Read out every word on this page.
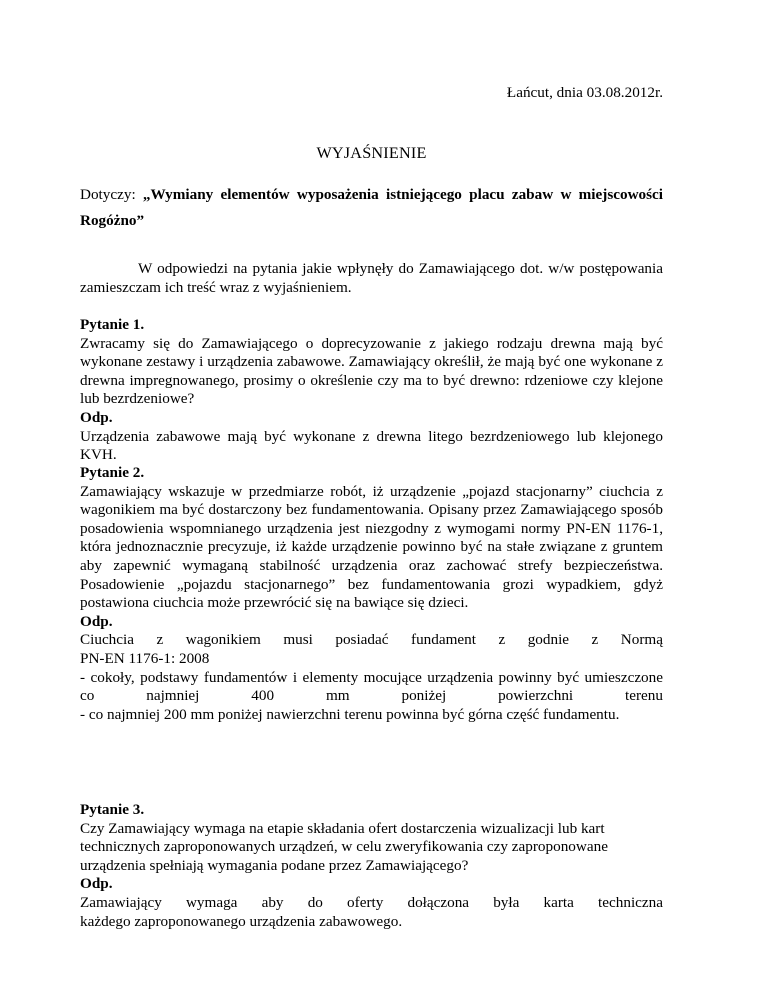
Łańcut, dnia 03.08.2012r.
WYJAŚNIENIE
Dotyczy: „Wymiany elementów wyposażenia istniejącego placu zabaw w miejscowości Rogóżno”
W odpowiedzi na pytania jakie wpłynęły do Zamawiającego dot. w/w postępowania zamieszczam ich treść wraz z wyjaśnieniem.

Pytanie 1.

Zwracamy się do Zamawiającego o doprecyzowanie z jakiego rodzaju drewna mają być wykonane zestawy i urządzenia zabawowe. Zamawiający określił, że mają być one wykonane z drewna impregnowanego, prosimy o określenie czy ma to być drewno: rdzeniowe czy klejone lub bezrdzeniowe?

Odp.

Urządzenia zabawowe mają być wykonane z drewna litego bezrdzeniowego lub klejonego KVH.

Pytanie 2.

Zamawiający wskazuje w przedmiarze robót, iż urządzenie „pojazd stacjonarny” ciuchcia z wagonikiem ma być dostarczony bez fundamentowania. Opisany przez Zamawiającego sposób posadowienia wspomnianego urządzenia jest niezgodny z wymogami normy PN-EN 1176-1, która jednoznacznie precyzuje, iż każde urządzenie powinno być na stałe związane z gruntem aby zapewnić wymaganą stabilność urządzenia oraz zachować strefy bezpieczeństwa. Posadowienie „pojazdu stacjonarnego” bez fundamentowania grozi wypadkiem, gdyż postawiona ciuchcia może przewrócić się na bawiące się dzieci.

Odp.

Ciuchcia z wagonikiem musi posiadać fundament z godnie z Normą

PN-EN 1176-1: 2008

- cokoły, podstawy fundamentów i elementy mocujące urządzenia powinny być umieszczone co najmniej 400 mm poniżej powierzchni terenu

- co najmniej 200 mm poniżej nawierzchni terenu powinna być górna część fundamentu.

Pytanie 3.

Czy Zamawiający wymaga na etapie składania ofert dostarczenia wizualizacji lub kart technicznych zaproponowanych urządzeń, w celu zweryfikowania czy zaproponowane urządzenia spełniają wymagania podane przez Zamawiającego?

Odp.

Zamawiający wymaga aby do oferty dołączona była karta techniczna

każdego zaproponowanego urządzenia zabawowego.
